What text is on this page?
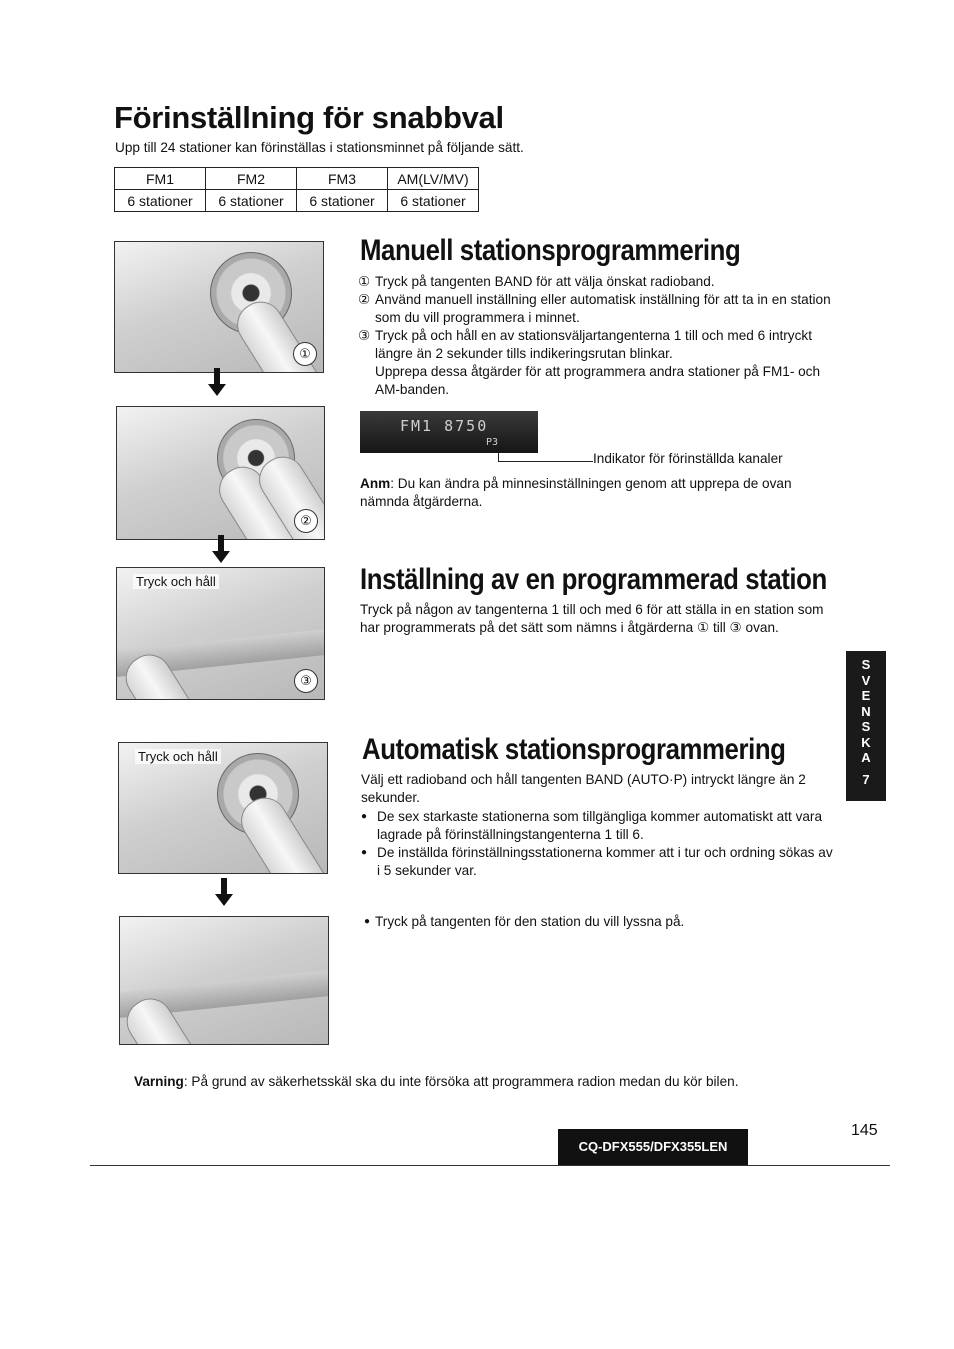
Förinställning för snabbval
Upp till 24 stationer kan förinställas i stationsminnet på följande sätt.
FM1	FM2	FM3	AM(LV/MV)
6 stationer	6 stationer	6 stationer	6 stationer
①
②
Tryck och håll
③
Tryck och håll
Manuell stationsprogrammering
① Tryck på tangenten BAND för att välja önskat radioband.
② Använd manuell inställning eller automatisk inställning för att ta in en station som du vill programmera i minnet.
③ Tryck på och håll en av stationsväljartangenterna 1 till och med 6 intryckt längre än 2 sekunder tills indikeringsrutan blinkar.
Upprepa dessa åtgärder för att programmera andra stationer på FM1- och AM-banden.
FM1 8750
P3
Indikator för förinställda kanaler
Anm: Du kan ändra på minnesinställningen genom att upprepa de ovan nämnda åtgärderna.
Inställning av en programmerad station
Tryck på någon av tangenterna 1 till och med 6 för att ställa in en station som har programmerats på det sätt som nämns i åtgärderna ① till ③ ovan.
S
V
E
N
S
K
A
7
Automatisk stationsprogrammering
Välj ett radioband och håll tangenten BAND (AUTO·P) intryckt längre än 2 sekunder.
● De sex starkaste stationerna som tillgängliga kommer automatiskt att vara lagrade på förinställningstangenterna 1 till 6.
● De inställda förinställningsstationerna kommer att i tur och ordning sökas av i 5 sekunder var.
● Tryck på tangenten för den station du vill lyssna på.
Varning: På grund av säkerhetsskäl ska du inte försöka att programmera radion medan du kör bilen.
145
CQ-DFX555/DFX355LEN
